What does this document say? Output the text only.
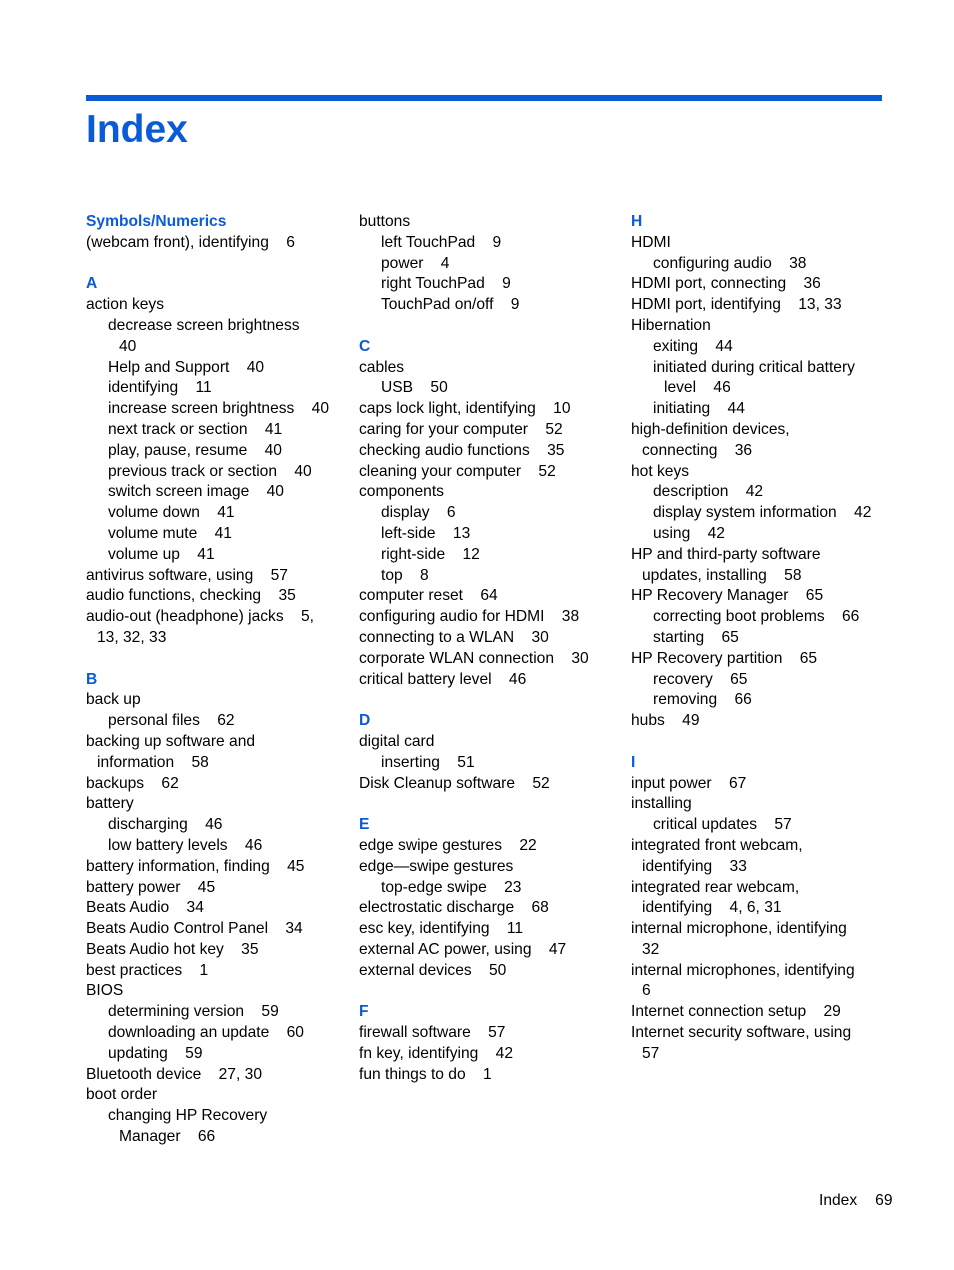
Index
Symbols/Numerics
(webcam front), identifying    6
A
action keys
decrease screen brightness
40
Help and Support    40
identifying    11
increase screen brightness    40
next track or section    41
play, pause, resume    40
previous track or section    40
switch screen image    40
volume down    41
volume mute    41
volume up    41
antivirus software, using    57
audio functions, checking    35
audio-out (headphone) jacks    5,
13, 32, 33
B
back up
personal files    62
backing up software and
information    58
backups    62
battery
discharging    46
low battery levels    46
battery information, finding    45
battery power    45
Beats Audio    34
Beats Audio Control Panel    34
Beats Audio hot key    35
best practices    1
BIOS
determining version    59
downloading an update    60
updating    59
Bluetooth device    27, 30
boot order
changing HP Recovery
Manager    66
buttons
left TouchPad    9
power    4
right TouchPad    9
TouchPad on/off    9
C
cables
USB    50
caps lock light, identifying    10
caring for your computer    52
checking audio functions    35
cleaning your computer    52
components
display    6
left-side    13
right-side    12
top    8
computer reset    64
configuring audio for HDMI    38
connecting to a WLAN    30
corporate WLAN connection    30
critical battery level    46
D
digital card
inserting    51
Disk Cleanup software    52
E
edge swipe gestures    22
edge—swipe gestures
top-edge swipe    23
electrostatic discharge    68
esc key, identifying    11
external AC power, using    47
external devices    50
F
firewall software    57
fn key, identifying    42
fun things to do    1
H
HDMI
configuring audio    38
HDMI port, connecting    36
HDMI port, identifying    13, 33
Hibernation
exiting    44
initiated during critical battery
level    46
initiating    44
high-definition devices,
connecting    36
hot keys
description    42
display system information    42
using    42
HP and third-party software
updates, installing    58
HP Recovery Manager    65
correcting boot problems    66
starting    65
HP Recovery partition    65
recovery    65
removing    66
hubs    49
I
input power    67
installing
critical updates    57
integrated front webcam,
identifying    33
integrated rear webcam,
identifying    4, 6, 31
internal microphone, identifying
32
internal microphones, identifying
6
Internet connection setup    29
Internet security software, using
57
Index 69
